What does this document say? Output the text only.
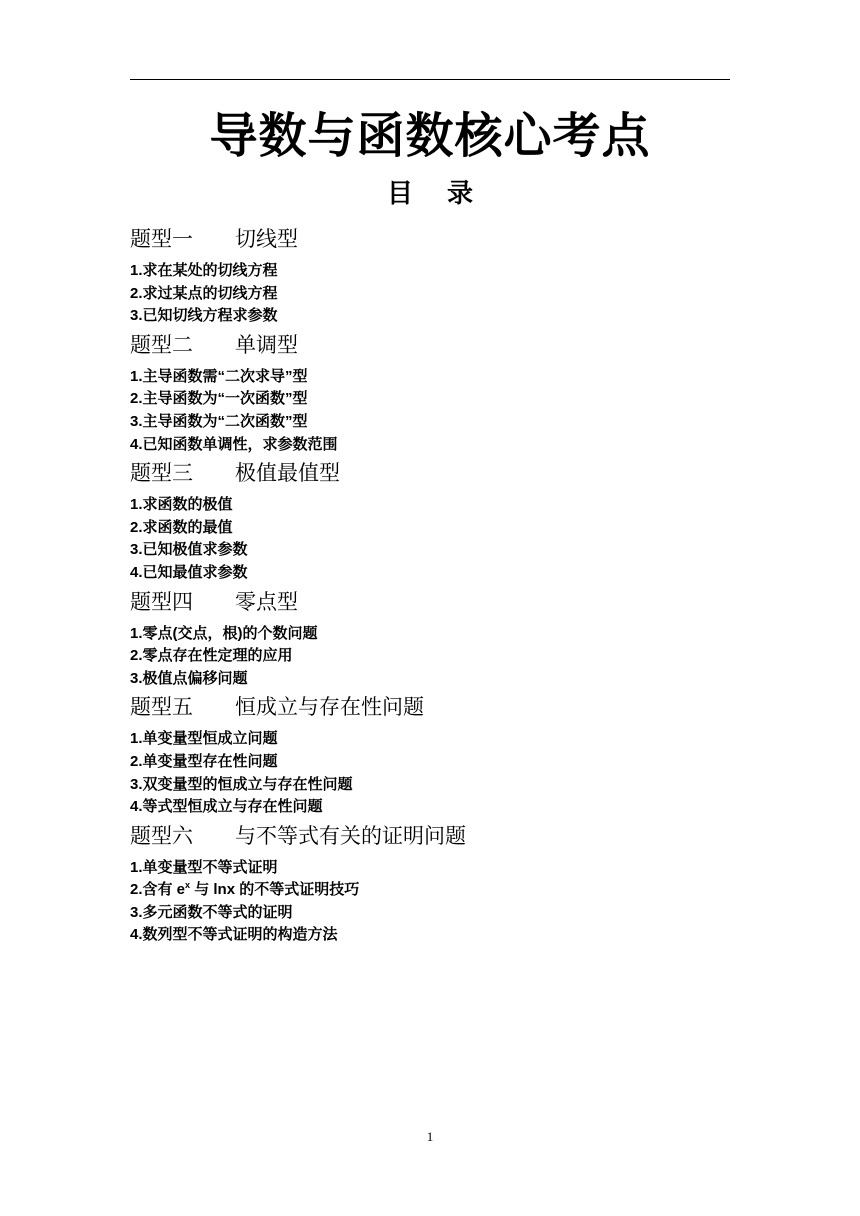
导数与函数核心考点
目 录
题型一 切线型
1.求在某处的切线方程
2.求过某点的切线方程
3.已知切线方程求参数
题型二 单调型
1.主导函数需“二次求导”型
2.主导函数为“一次函数”型
3.主导函数为“二次函数”型
4.已知函数单调性，求参数范围
题型三 极值最值型
1.求函数的极值
2.求函数的最值
3.已知极值求参数
4.已知最值求参数
题型四 零点型
1.零点(交点，根)的个数问题
2.零点存在性定理的应用
3.极值点偏移问题
题型五 恒成立与存在性问题
1.单变量型恒成立问题
2.单变量型存在性问题
3.双变量型的恒成立与存在性问题
4.等式型恒成立与存在性问题
题型六 与不等式有关的证明问题
1.单变量型不等式证明
2.含有 $e^x$ 与 lnx 的不等式证明技巧
3.多元函数不等式的证明
4.数列型不等式证明的构造方法
1
